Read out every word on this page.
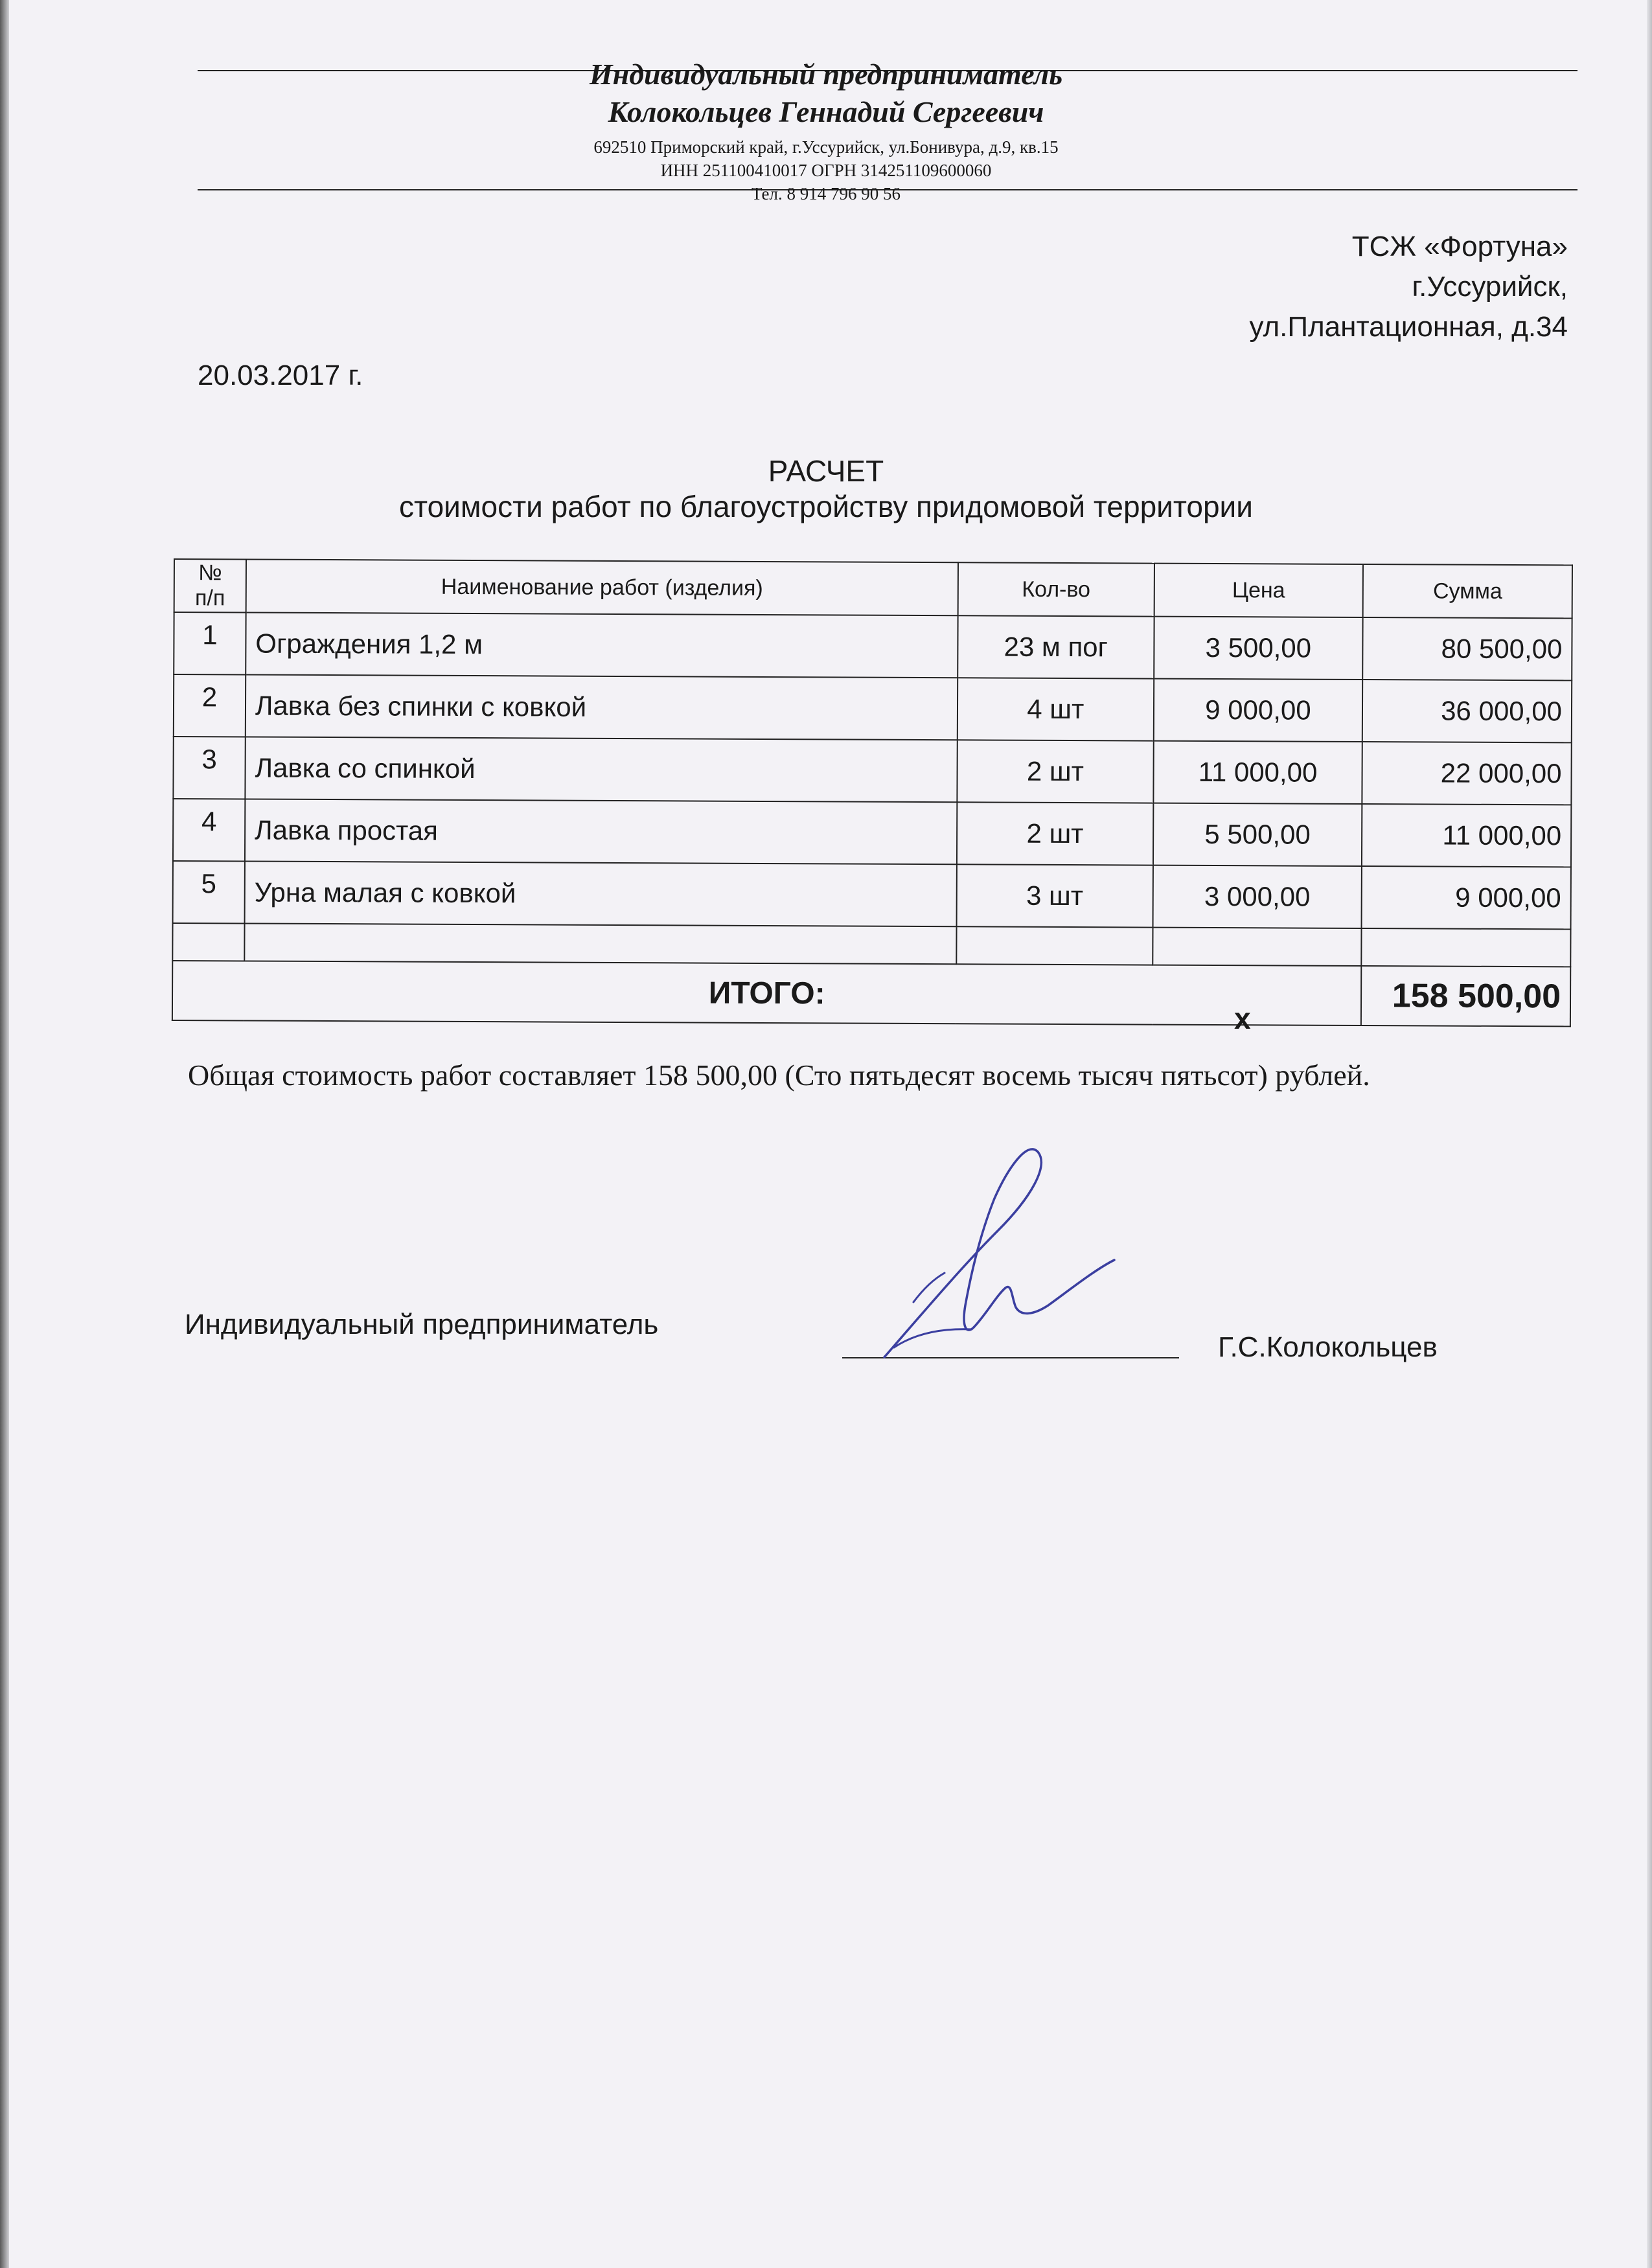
Индивидуальный предприниматель
Колокольцев Геннадий Сергеевич
692510 Приморский край, г.Уссурийск, ул.Бонивура, д.9, кв.15
ИНН 251100410017 ОГРН 314251109600060
Тел. 8 914 796 90 56
ТСЖ «Фортуна»
г.Уссурийск,
ул.Плантационная, д.34
20.03.2017 г.
РАСЧЕТ
стоимости работ по благоустройству придомовой территории
№
п/п	Наименование работ (изделия)	Кол-во	Цена	Сумма
1	Ограждения 1,2 м	23 м пог	3 500,00	80 500,00
2	Лавка без спинки с ковкой	4 шт	9 000,00	36 000,00
3	Лавка со спинкой	2 шт	11 000,00	22 000,00
4	Лавка простая	2 шт	5 500,00	11 000,00
5	Урна малая с ковкой	3 шт	3 000,00	9 000,00

ИТОГО:				158 500,00
х
Общая стоимость работ составляет 158 500,00 (Сто пятьдесят восемь тысяч пятьсот) рублей.
Индивидуальный предприниматель
Г.С.Колокольцев
